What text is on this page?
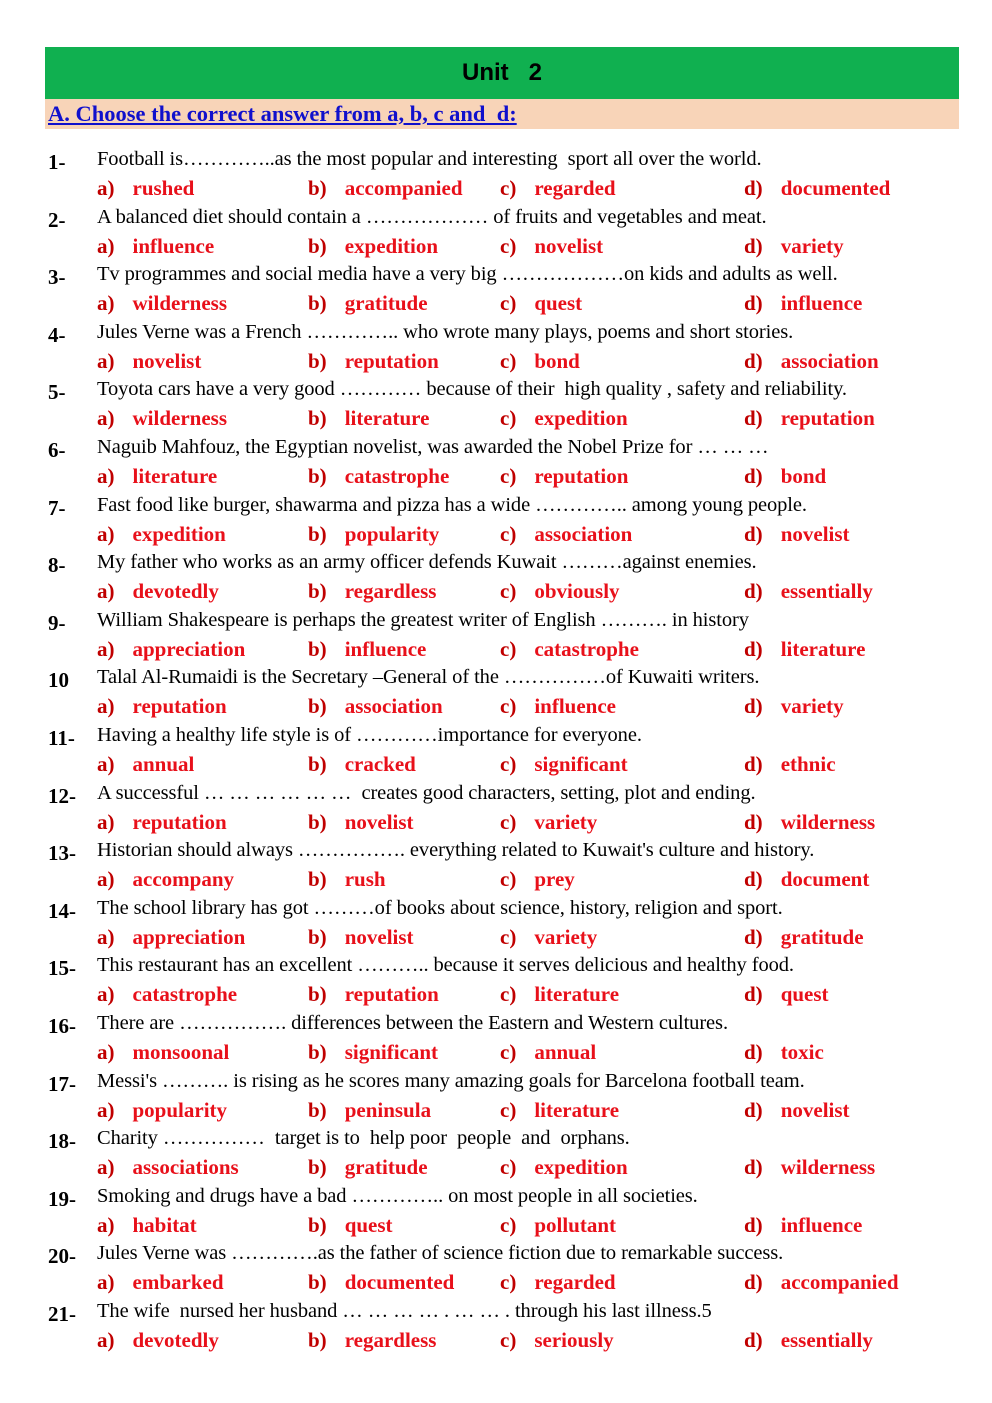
Unit   2
A. Choose the correct answer from a, b, c and  d:
1- Football is…………..as the most popular and interesting  sport all over the world.
a) rushed	b) accompanied c) regarded	d) documented
2- A balanced diet should contain a ……………… of fruits and vegetables and meat.
a) influence	b) expedition	c) novelist	d) variety
3- Tv programmes and social media have a very big ………………on kids and adults as well.
a) wilderness	b) gratitude	c) quest	d) influence
4- Jules Verne was a French ………….. who wrote many plays, poems and short stories.
a) novelist	b) reputation	c) bond	d) association
5- Toyota cars have a very good ………… because of their  high quality , safety and reliability.
a) wilderness	b) literature	c) expedition	d) reputation
6- Naguib Mahfouz, the Egyptian novelist, was awarded the Nobel Prize for … … …
a) literature	b) catastrophe c) reputation	d) bond
7- Fast food like burger, shawarma and pizza has a wide ………….. among young people.
a) expedition	b) popularity	c) association	d) novelist
8- My father who works as an army officer defends Kuwait ………against enemies.
a) devotedly	b) regardless	c) obviously	d) essentially
9- William Shakespeare is perhaps the greatest writer of English ………. in history
a) appreciation	b) influence	c) catastrophe	d) literature
10 Talal Al-Rumaidi is the Secretary –General of the ……………of Kuwaiti writers.
a) reputation	b) association	c) influence	d) variety
11- Having a healthy life style is of …………importance for everyone.
a) annual	b) cracked	c) significant	d) ethnic
12- A successful … … … … … …  creates good characters, setting, plot and ending.
a) reputation	b) novelist	c) variety	d) wilderness
13- Historian should always ……………. everything related to Kuwait's culture and history.
a) accompany	b) rush	c) prey	d) document
14- The school library has got ………of books about science, history, religion and sport.
a) appreciation	b) novelist	c) variety	d) gratitude
15- This restaurant has an excellent ……….. because it serves delicious and healthy food.
a) catastrophe	b) reputation	c) literature	d) quest
16- There are ……………. differences between the Eastern and Western cultures.
a) monsoonal	b) significant	c) annual	d) toxic
17- Messi's ………. is rising as he scores many amazing goals for Barcelona football team.
a) popularity	b) peninsula	c) literature	d) novelist
18- Charity ……………  target is to  help poor  people  and  orphans.
a) associations	b) gratitude	c) expedition	d) wilderness
19- Smoking and drugs have a bad ………….. on most people in all societies.
a) habitat	b) quest	c) pollutant	d) influence
20- Jules Verne was ………….as the father of science fiction due to remarkable success.
a) embarked	b) documented c) regarded	d) accompanied
21- The wife  nursed her husband … … … … . … … . through his last illness.5
a) devotedly	b) regardless	c) seriously	d) essentially
